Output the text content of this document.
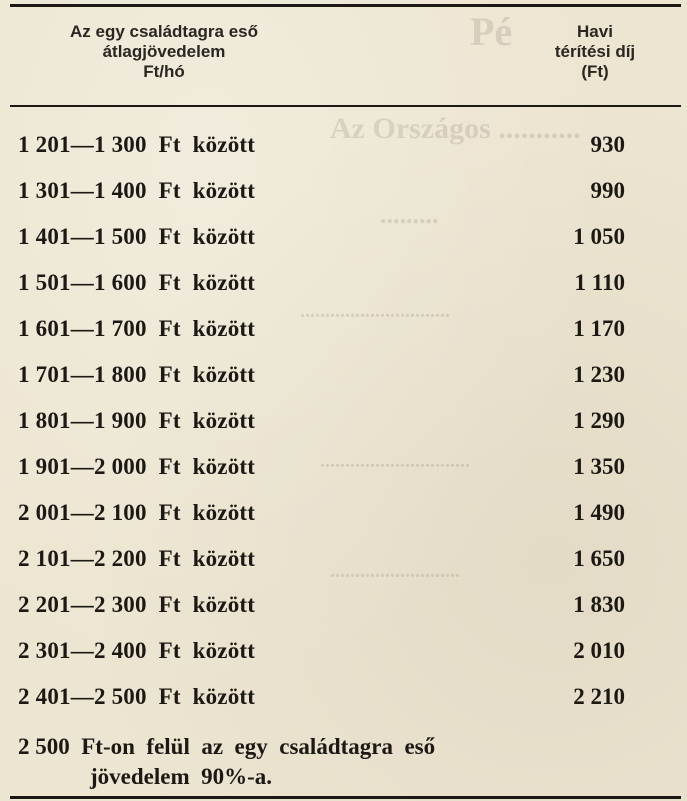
Pé
Az Országos ...........
.........
..............................
..............................
..........................
Az egy családtagra eső
átlagjövedelem
Ft/hó
Havi
térítési díj
(Ft)
1 201—1 300  Ft  között	930
1 301—1 400  Ft  között	990
1 401—1 500  Ft  között	1 050
1 501—1 600  Ft  között	1 110
1 601—1 700  Ft  között	1 170
1 701—1 800  Ft  között	1 230
1 801—1 900  Ft  között	1 290
1 901—2 000  Ft  között	1 350
2 001—2 100  Ft  között	1 490
2 101—2 200  Ft  között	1 650
2 201—2 300  Ft  között	1 830
2 301—2 400  Ft  között	2 010
2 401—2 500  Ft  között	2 210
2 500  Ft-on  felül  az  egy  családtagra  eső
jövedelem  90%-a.
